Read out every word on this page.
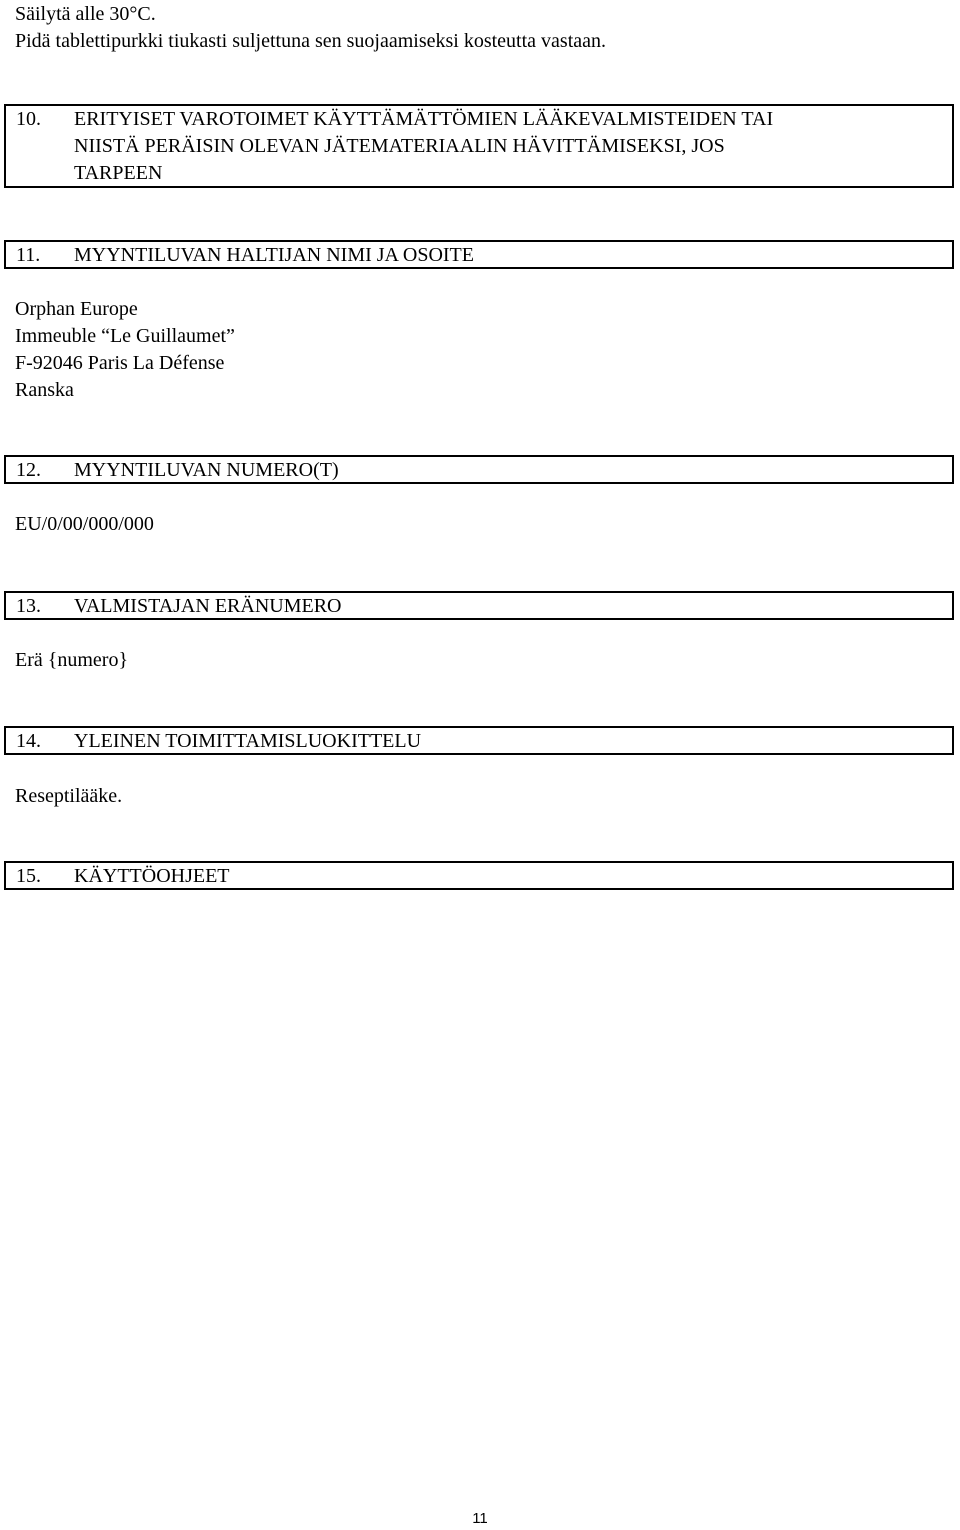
Säilytä alle 30°C.
Pidä tablettipurkki tiukasti suljettuna sen suojaamiseksi kosteutta vastaan.
10.	ERITYISET VAROTOIMET KÄYTTÄMÄTTÖMIEN LÄÄKEVALMISTEIDEN TAI
NIISTÄ PERÄISIN OLEVAN JÄTEMATERIAALIN HÄVITTÄMISEKSI, JOS
TARPEEN
11.	MYYNTILUVAN HALTIJAN NIMI JA OSOITE
Orphan Europe
Immeuble “Le Guillaumet”
F-92046 Paris La Défense
Ranska
12.	MYYNTILUVAN NUMERO(T)
EU/0/00/000/000
13.	VALMISTAJAN ERÄNUMERO
Erä {numero}
14.	YLEINEN TOIMITTAMISLUOKITTELU
Reseptilääke.
15.	KÄYTTÖOHJEET
11
